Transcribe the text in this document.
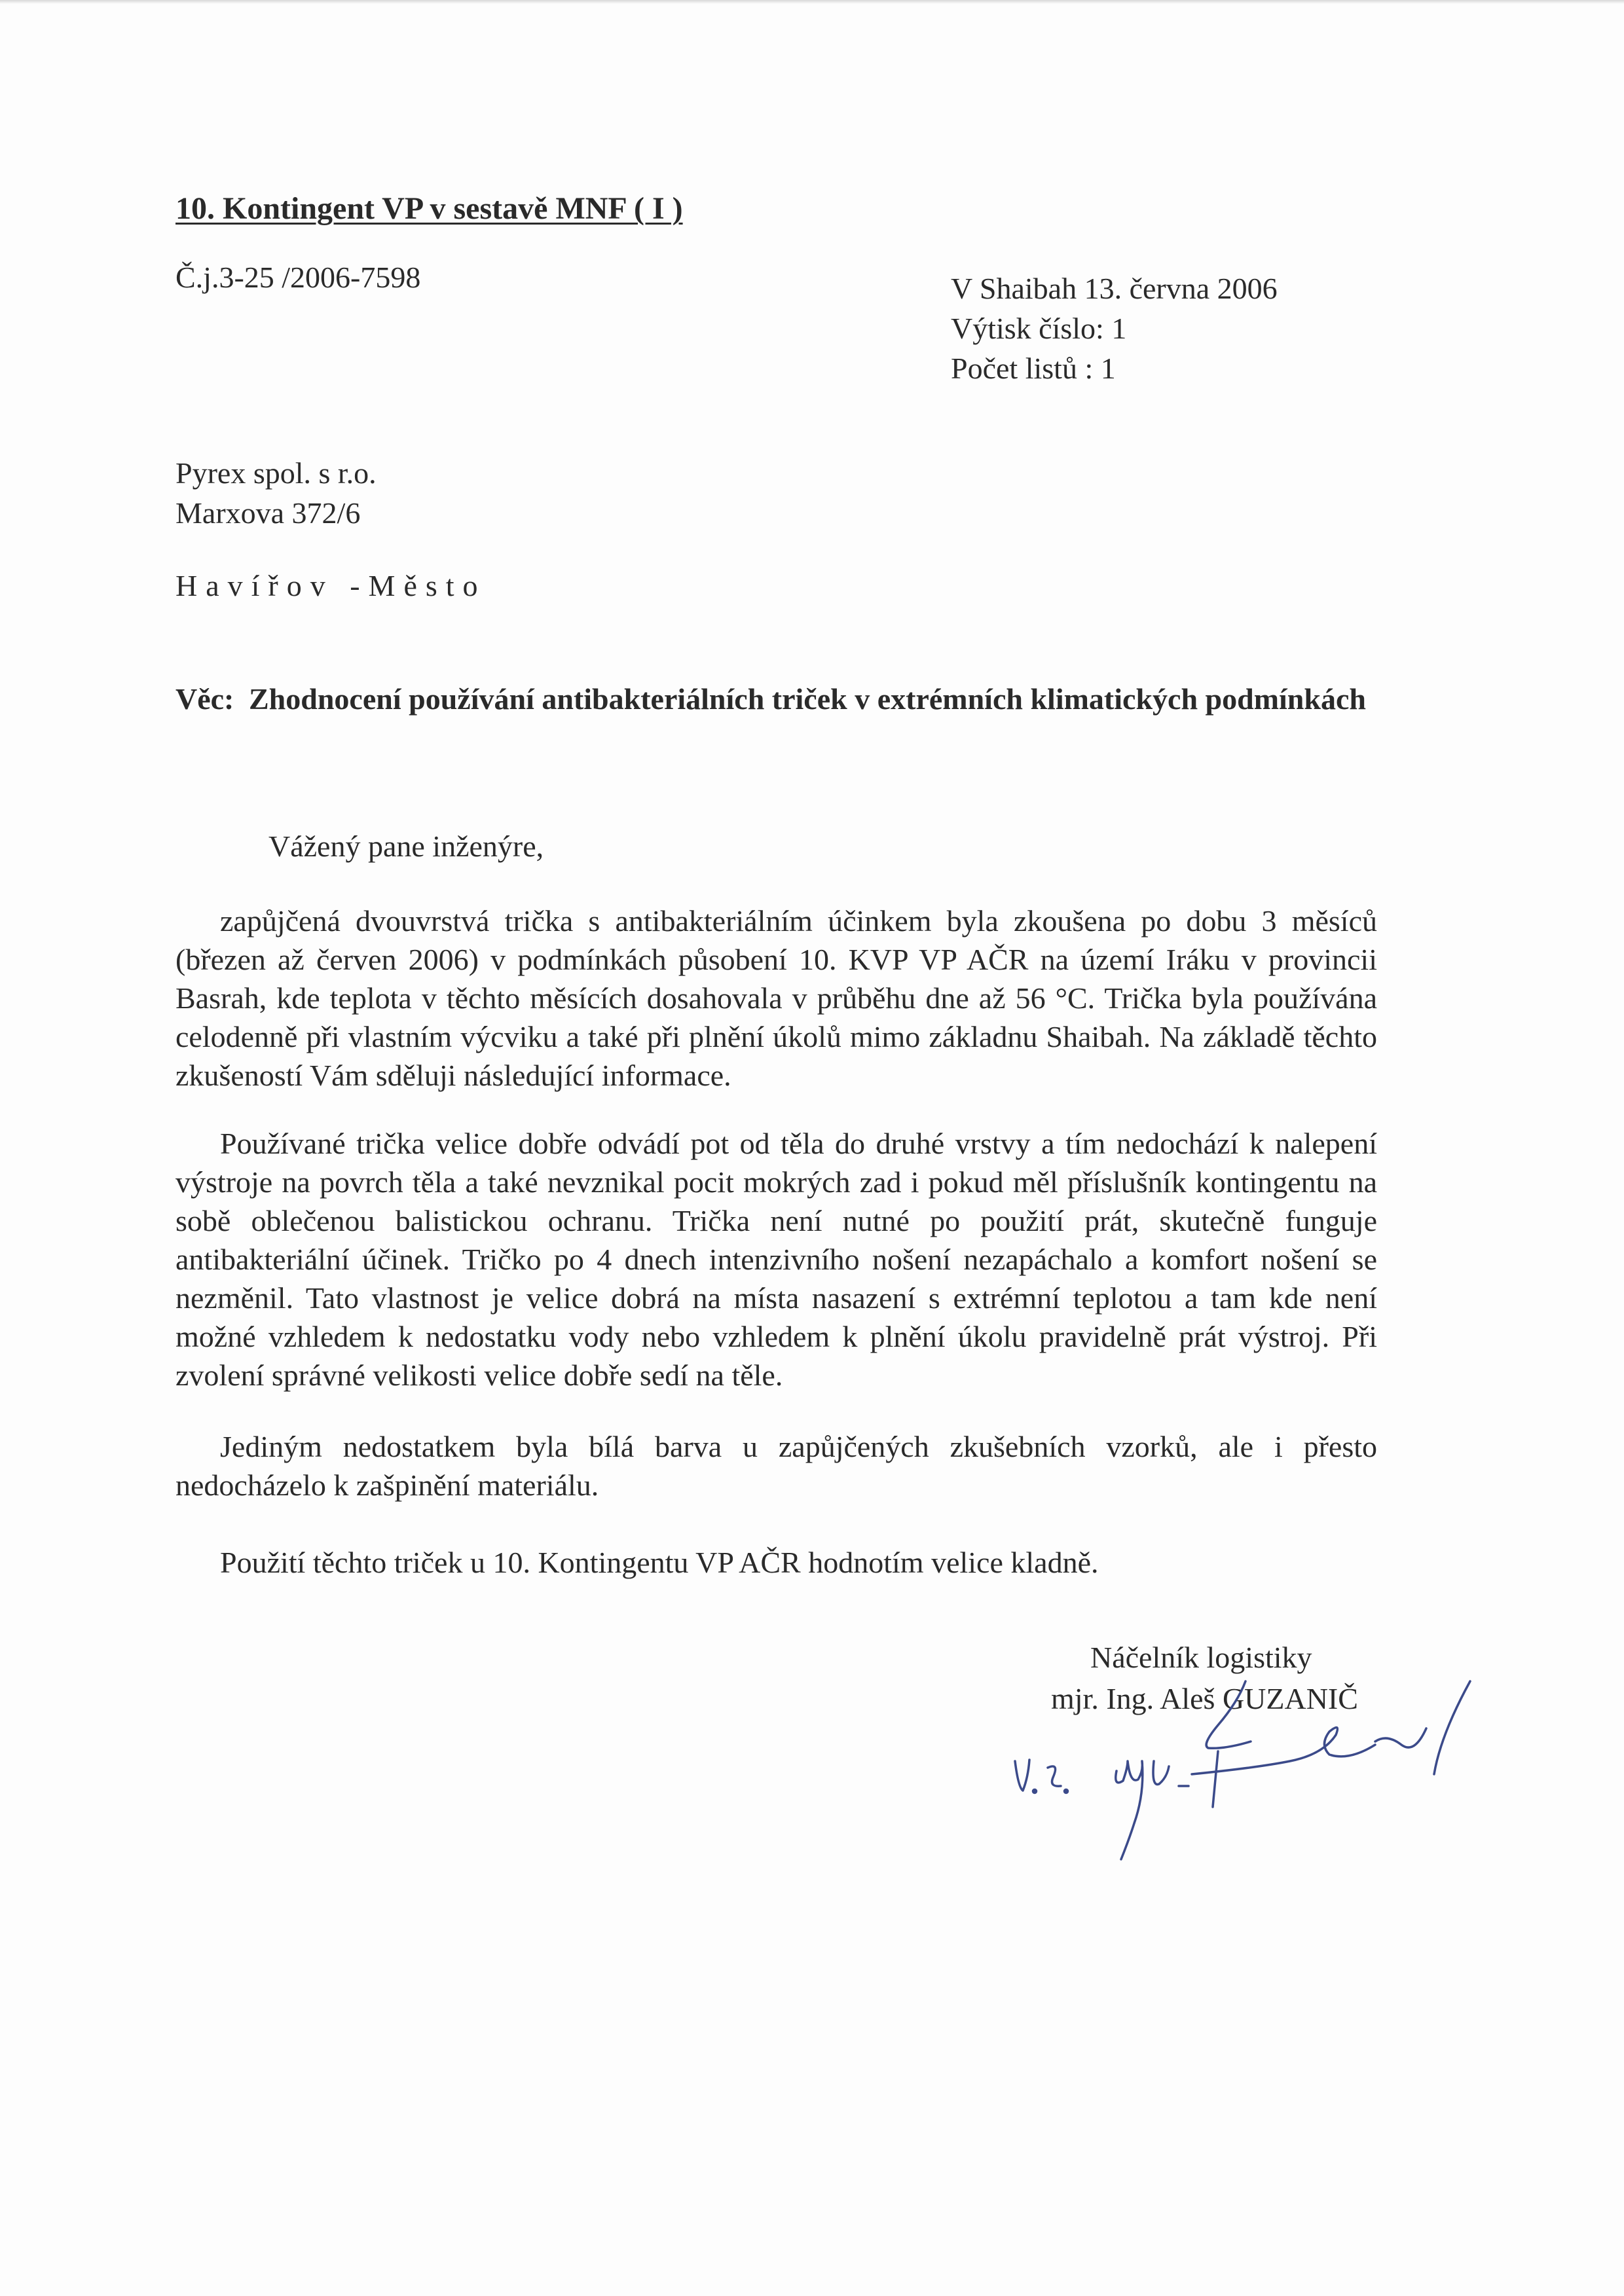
10. Kontingent VP v sestavě MNF ( I )
Č.j.3-25 /2006-7598	V Shaibah 13. června 2006
Výtisk číslo: 1
Počet listů : 1
Pyrex spol. s r.o.
Marxova 372/6
Havířov -Město
Věc: Zhodnocení používání antibakteriálních triček v extrémních klimatických podmínkách
Vážený pane inženýre,
zapůjčená dvouvrstvá trička s antibakteriálním účinkem byla zkoušena po dobu 3 měsíců (březen až červen 2006) v podmínkách působení 10. KVP VP AČR na území Iráku v provincii Basrah, kde teplota v těchto měsících dosahovala v průběhu dne až 56 °C. Trička byla používána celodenně při vlastním výcviku a také při plnění úkolů mimo základnu Shaibah. Na základě těchto zkušeností Vám sděluji následující informace.
Používané trička velice dobře odvádí pot od těla do druhé vrstvy a tím nedochází k nalepení výstroje na povrch těla a také nevznikal pocit mokrých zad i pokud měl příslušník kontingentu na sobě oblečenou balistickou ochranu. Trička není nutné po použití prát, skutečně funguje antibakteriální účinek. Tričko po 4 dnech intenzivního nošení nezapáchalo a komfort nošení se nezměnil. Tato vlastnost je velice dobrá na místa nasazení s extrémní teplotou a tam kde není možné vzhledem k nedostatku vody nebo vzhledem k plnění úkolu pravidelně prát výstroj. Při zvolení správné velikosti velice dobře sedí na těle.
Jediným nedostatkem byla bílá barva u zapůjčených zkušebních vzorků, ale i přesto nedocházelo k zašpinění materiálu.
Použití těchto triček u 10. Kontingentu VP AČR hodnotím velice kladně.
Náčelník logistiky
mjr. Ing. Aleš GUZANIČ
